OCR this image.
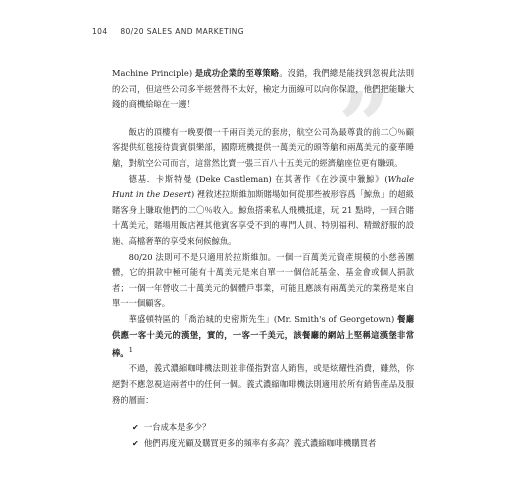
104 80/20 SALES AND MARKETING
”

Machine Principle) 是成功企業的至尊策略。沒錯，我們總是能找到忽視此法則的公司，但這些公司多半經營得不太好，檢定力面線可以向你保證，他們把能賺大錢的商機給晾在一邊！

飯店的頂樓有一晚要價一千兩百美元的套房，航空公司為最尊貴的前二〇％顧客提供紅毯接待貴賓俱樂部，國際班機提供一萬美元的頭等艙和兩萬美元的豪華睡艙，對航空公司而言，這當然比賣一張三百八十五美元的經濟艙座位更有賺頭。

德基．卡斯特曼 (Deke Castleman) 在其著作《在沙漠中獵鯨》(Whale Hunt in the Desert) 裡敘述拉斯維加斯賭場如何從那些被形容爲「鯨魚」的超級賭客身上賺取他們的二〇％收入。鯨魚搭乘私人飛機抵達，玩 21 點時，一回合賭十萬美元，賭場用飯店裡其他賓客享受不到的專門人員、特別福利、精緻舒服的設施、高檔奢華的享受來伺候鯨魚。

80/20 法則可不是只適用於拉斯維加。一個一百萬美元資產規模的小慈善團體，它的捐款中極可能有十萬美元是來自單一一個信託基金、基金會或個人捐款者；一個一年營收二十萬美元的個體戶事業，可能且應該有兩萬美元的業務是來自單一一個顧客。

華盛頓特區的「喬治城的史密斯先生」(Mr. Smith's of Georgetown) 餐廳供應一客十美元的漢堡，實的，一客一千美元，該餐廳的網站上堅稱這漢堡非常棒。$^1$

不過，義式濃縮咖啡機法則並非僅指對富人銷售，或是炫耀性消費，雖然，你絕對不應忽視這兩者中的任何一個。義式濃縮咖啡機法則適用於所有銷售產品及服務的層面：

✔ 一台成本是多少？
✔ 他們再度光顧及購買更多的頻率有多高？義式濃縮咖啡機購買者
